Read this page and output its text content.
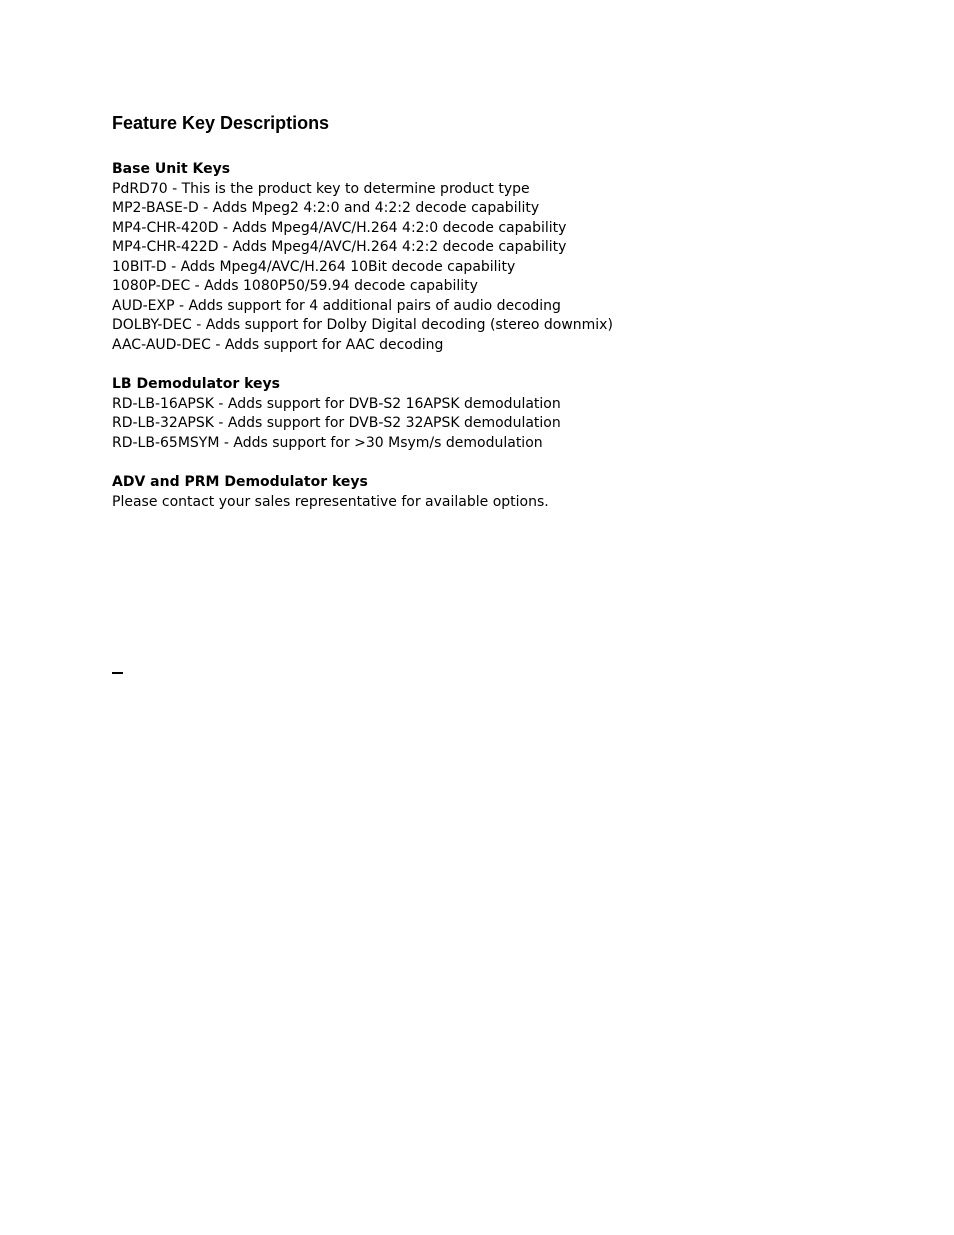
Feature Key Descriptions
Base Unit Keys
PdRD70 - This is the product key to determine product type
MP2-BASE-D - Adds Mpeg2 4:2:0 and 4:2:2 decode capability
MP4-CHR-420D - Adds Mpeg4/AVC/H.264 4:2:0 decode capability
MP4-CHR-422D - Adds Mpeg4/AVC/H.264 4:2:2 decode capability
10BIT-D - Adds Mpeg4/AVC/H.264 10Bit decode capability
1080P-DEC - Adds 1080P50/59.94 decode capability
AUD-EXP - Adds support for 4 additional pairs of audio decoding
DOLBY-DEC - Adds support for Dolby Digital decoding (stereo downmix)
AAC-AUD-DEC - Adds support for AAC decoding
LB Demodulator keys
RD-LB-16APSK - Adds support for DVB-S2 16APSK demodulation
RD-LB-32APSK - Adds support for DVB-S2 32APSK demodulation
RD-LB-65MSYM - Adds support for >30 Msym/s demodulation
ADV and PRM Demodulator keys

Please contact your sales representative for available options.
